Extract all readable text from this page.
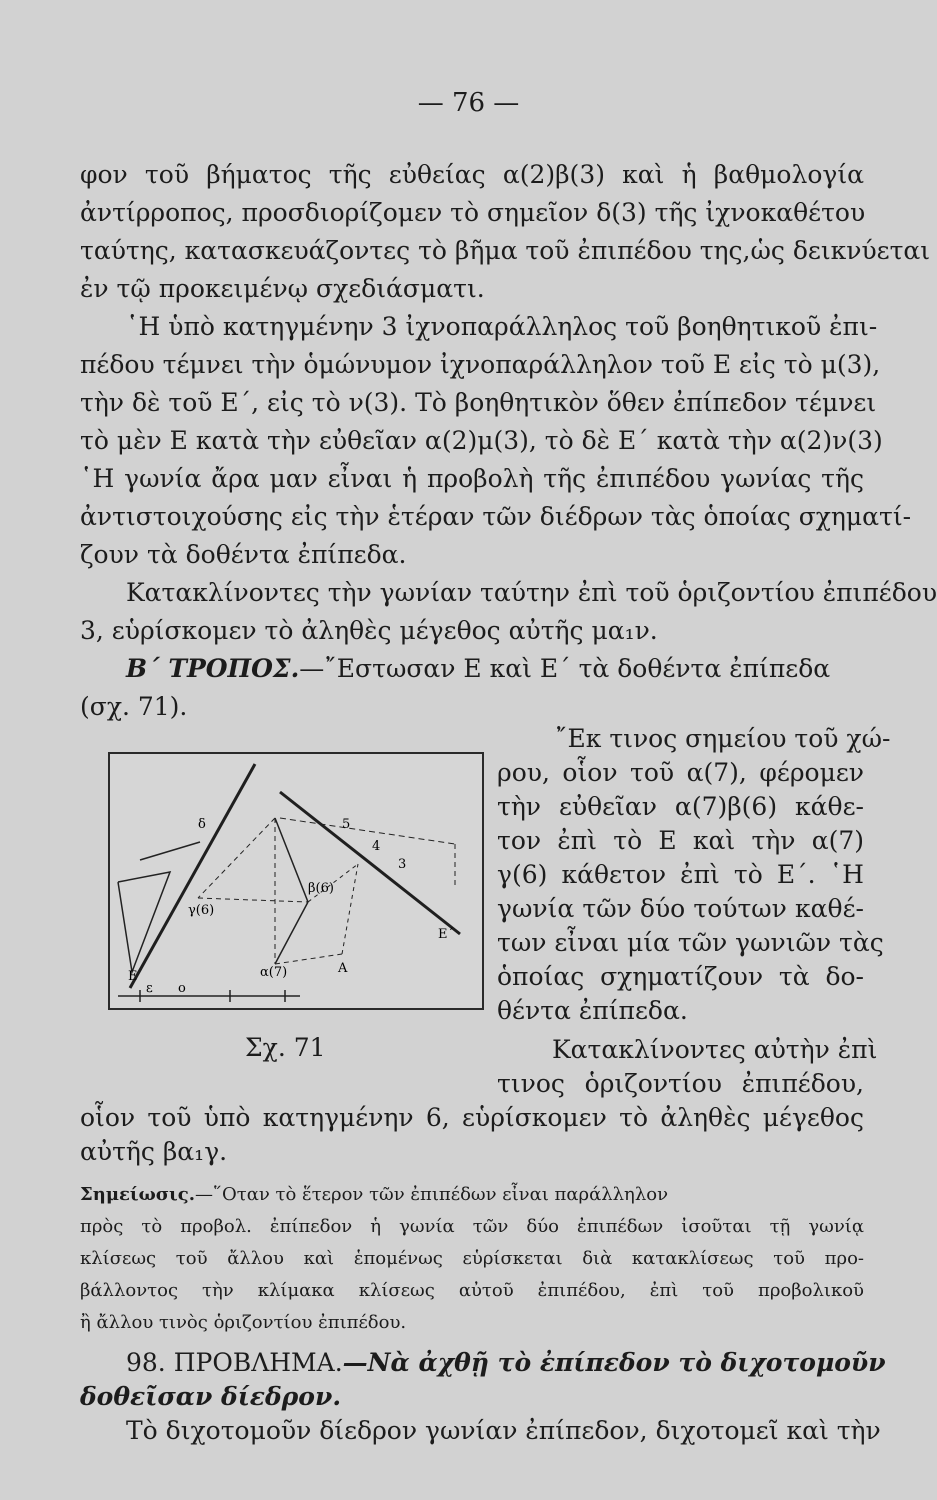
— 76 —
φον τοῦ βήματος τῆς εὐθείας α(2)β(3) καὶ ἡ βαθμολογία
ἀντίρροπος, προσδιορίζομεν τὸ σημεῖον δ(3) τῆς ἰχνοκαθέτου
ταύτης, κατασκευάζοντες τὸ βῆμα τοῦ ἐπιπέδου της,ὡς δεικνύεται
ἐν τῷ προκειμένῳ σχεδιάσματι.
῾Η ὑπὸ κατηγμένην 3 ἰχνοπαράλληλος τοῦ βοηθητικοῦ ἐπι-
πέδου τέμνει τὴν ὁμώνυμον ἰχνοπαράλληλον τοῦ Ε εἰς τὸ μ(3),
τὴν δὲ τοῦ Ε΄, εἰς τὸ ν(3). Τὸ βοηθητικὸν ὅθεν ἐπίπεδον τέμνει
τὸ μὲν Ε κατὰ τὴν εὐθεῖαν α(2)μ(3), τὸ δὲ Ε΄ κατὰ τὴν α(2)ν(3)
῾Η γωνία ἄρα μαν εἶναι ἡ προβολὴ τῆς ἐπιπέδου γωνίας τῆς
ἀντιστοιχούσης εἰς τὴν ἑτέραν τῶν διέδρων τὰς ὁποίας σχηματί-
ζουν τὰ δοθέντα ἐπίπεδα.
Κατακλίνοντες τὴν γωνίαν ταύτην ἐπὶ τοῦ ὁριζοντίου ἐπιπέδου
3, εὑρίσκομεν τὸ ἀληθὲς μέγεθος αὐτῆς μα₁ν.
Β΄ ΤΡΟΠΟΣ.—῎Εστωσαν Ε καὶ Ε΄ τὰ δοθέντα ἐπίπεδα
(σχ. 71).
῎Εκ τινος σημείου τοῦ χώ-
ρου, οἷον τοῦ α(7), φέρομεν
τὴν εὐθεῖαν α(7)β(6) κάθε-
τον ἐπὶ τὸ Ε καὶ τὴν α(7)
γ(6) κάθετον ἐπὶ τὸ Ε΄. ῾Η
γωνία τῶν δύο τούτων καθέ-
των εἶναι μία τῶν γωνιῶν τὰς
ὁποίας σχηματίζουν τὰ δο-
θέντα ἐπίπεδα.
δ	5
4
3
γ(6)
β(6)
α(7)	Α
Ε
Ε΄
ε ο
Σχ. 71	Κατακλίνοντες αὐτὴν ἐπὶ
τινος ὁριζοντίου ἐπιπέδου,
οἷον τοῦ ὑπὸ κατηγμένην 6, εὑρίσκομεν τὸ ἀληθὲς μέγεθος
αὐτῆς βα₁γ.
Σημείωσις.—῞Οταν τὸ ἕτερον τῶν ἐπιπέδων εἶναι παράλληλον
πρὸς τὸ προβολ. ἐπίπεδον ἡ γωνία τῶν δύο ἐπιπέδων ἰσοῦται τῇ γωνίᾳ
κλίσεως τοῦ ἄλλου καὶ ἑπομένως εὑρίσκεται διὰ κατακλίσεως τοῦ προ-
βάλλοντος τὴν κλίμακα κλίσεως αὐτοῦ ἐπιπέδου, ἐπὶ τοῦ προβολικοῦ
ἢ ἄλλου τινὸς ὁριζοντίου ἐπιπέδου.
98. ΠΡΟΒΛΗΜΑ.—Νὰ ἀχθῇ τὸ ἐπίπεδον τὸ διχοτομοῦν
δοθεῖσαν δίεδρον.
Τὸ διχοτομοῦν δίεδρον γωνίαν ἐπίπεδον, διχοτομεῖ καὶ τὴν
